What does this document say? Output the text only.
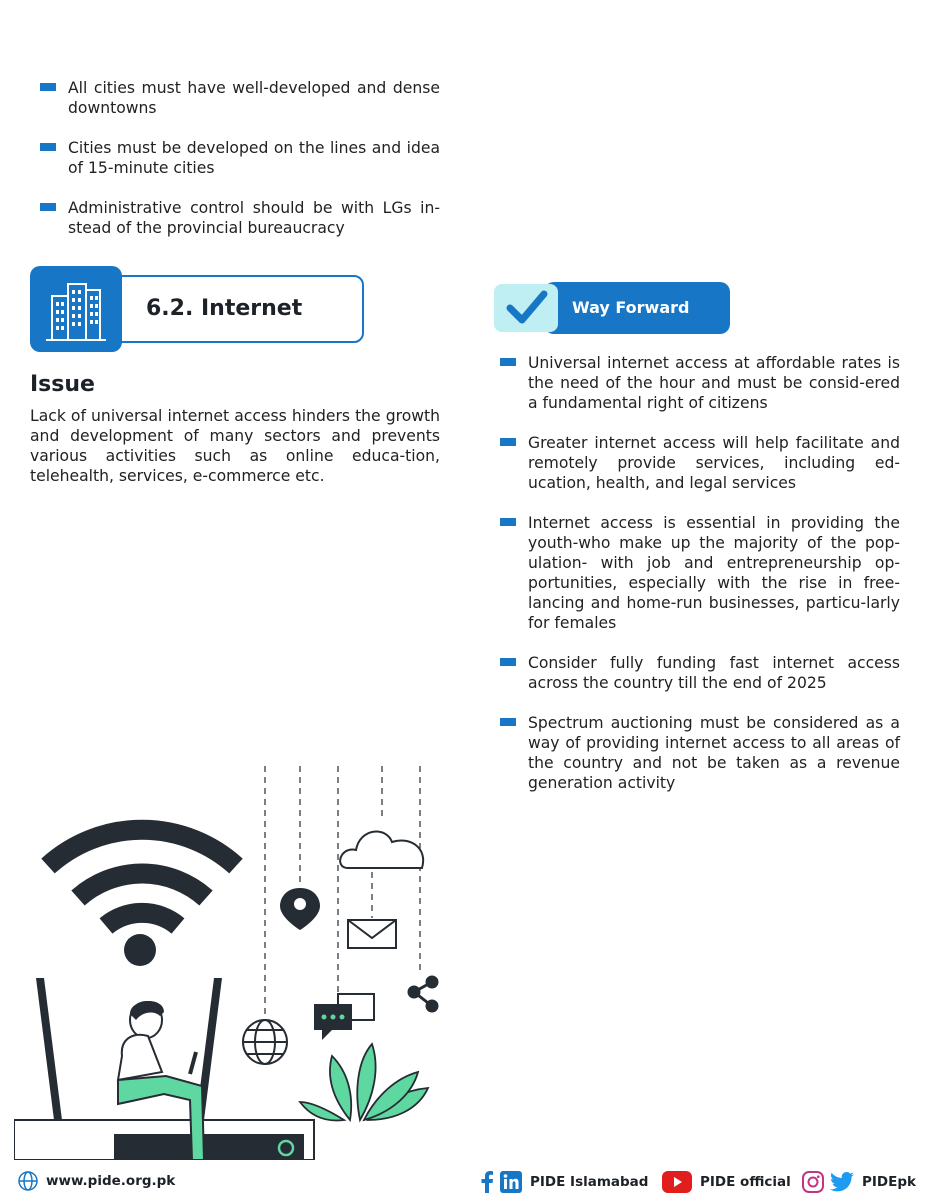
All cities must have well-developed and dense downtowns
Cities must be developed on the lines and idea of 15-minute cities
Administrative control should be with LGs in-stead of the provincial bureaucracy
6.2. Internet
Issue

Lack of universal internet access hinders the growth and development of many sectors and prevents various activities such as online educa-tion, telehealth, services, e-commerce etc.

Way Forward
Universal internet access at affordable rates is the need of the hour and must be consid-ered a fundamental right of citizens
Greater internet access will help facilitate and remotely provide services, including ed-ucation, health, and legal services
Internet access is essential in providing the youth-who make up the majority of the pop-ulation- with job and entrepreneurship op-portunities, especially with the rise in free-lancing and home-run businesses, particu-larly for females
Consider fully funding fast internet access across the country till the end of 2025
Spectrum auctioning must be considered as a way of providing internet access to all areas of the country and not be taken as a revenue generation activity
www.pide.org.pk	PIDE Islamabad	PIDE official	PIDEpk
